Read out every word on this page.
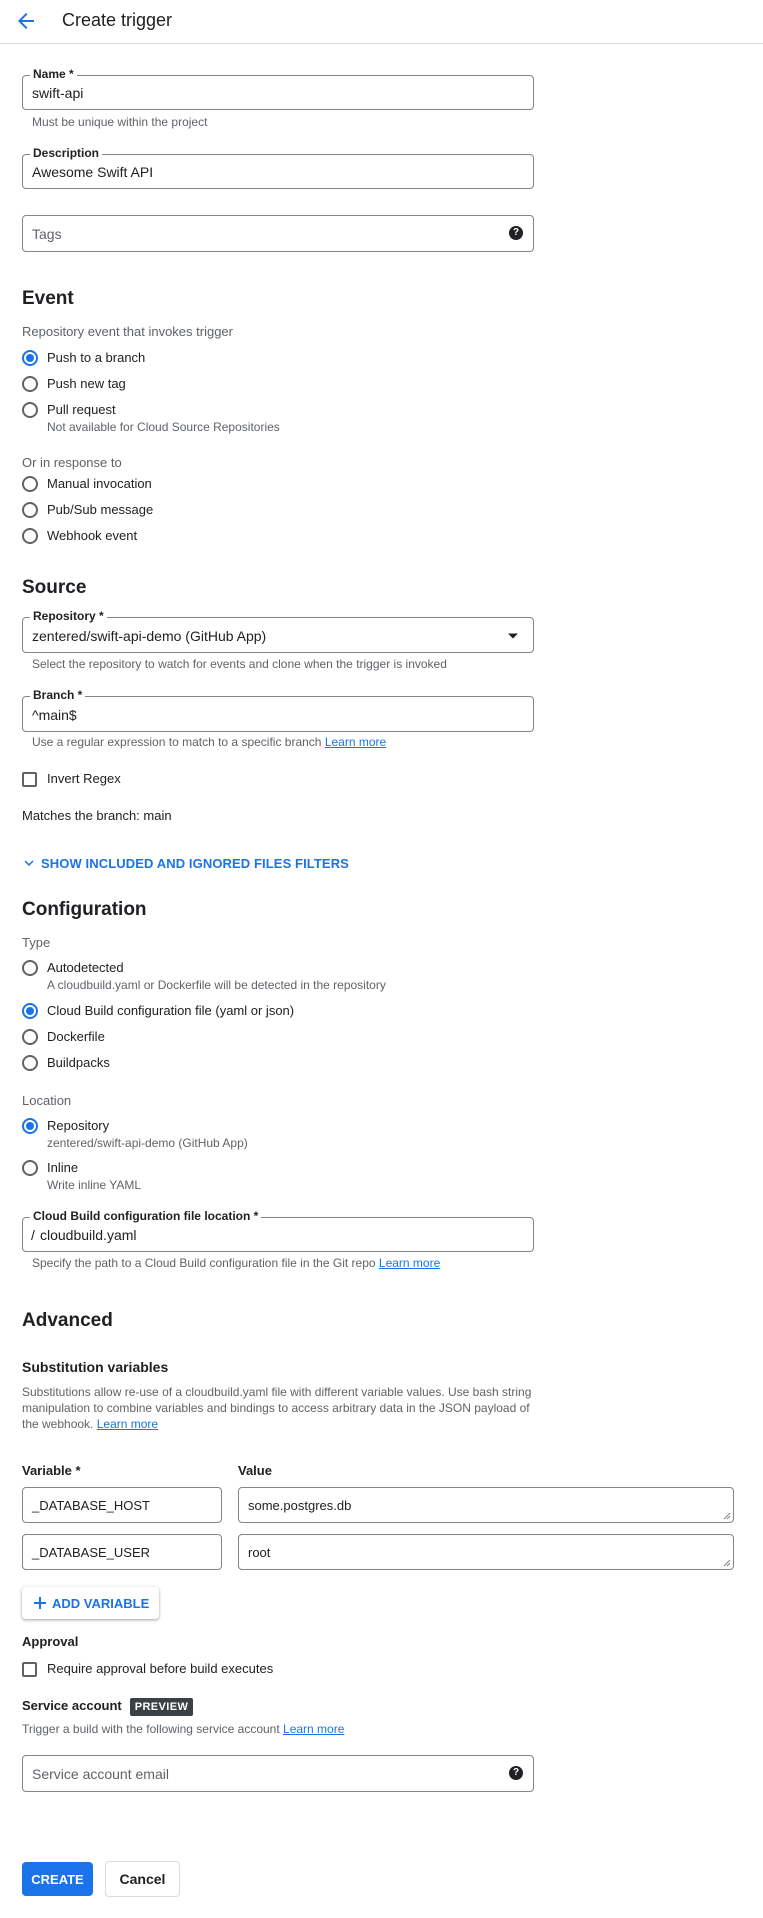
Create trigger
Name *
swift-api
Must be unique within the project
Description
Awesome Swift API
Tags	?
Event
Repository event that invokes trigger
Push to a branch
Push new tag
Pull request
Not available for Cloud Source Repositories
Or in response to
Manual invocation
Pub/Sub message
Webhook event
Source
Repository *
zentered/swift-api-demo (GitHub App)
Select the repository to watch for events and clone when the trigger is invoked
Branch *
^main$
Use a regular expression to match to a specific branch Learn more
Invert Regex
Matches the branch: main
SHOW INCLUDED AND IGNORED FILES FILTERS
Configuration
Type
Autodetected
A cloudbuild.yaml or Dockerfile will be detected in the repository
Cloud Build configuration file (yaml or json)
Dockerfile
Buildpacks
Location
Repository
zentered/swift-api-demo (GitHub App)
Inline
Write inline YAML
Cloud Build configuration file location *
/ cloudbuild.yaml
Specify the path to a Cloud Build configuration file in the Git repo Learn more
Advanced
Substitution variables
Substitutions allow re-use of a cloudbuild.yaml file with different variable values. Use bash string
manipulation to combine variables and bindings to access arbitrary data in the JSON payload of
the webhook. Learn more
Variable *	Value
_DATABASE_HOST	some.postgres.db
_DATABASE_USER	root
ADD VARIABLE
Approval
Require approval before build executes
Service account PREVIEW
Trigger a build with the following service account Learn more
Service account email	?
CREATE	Cancel
